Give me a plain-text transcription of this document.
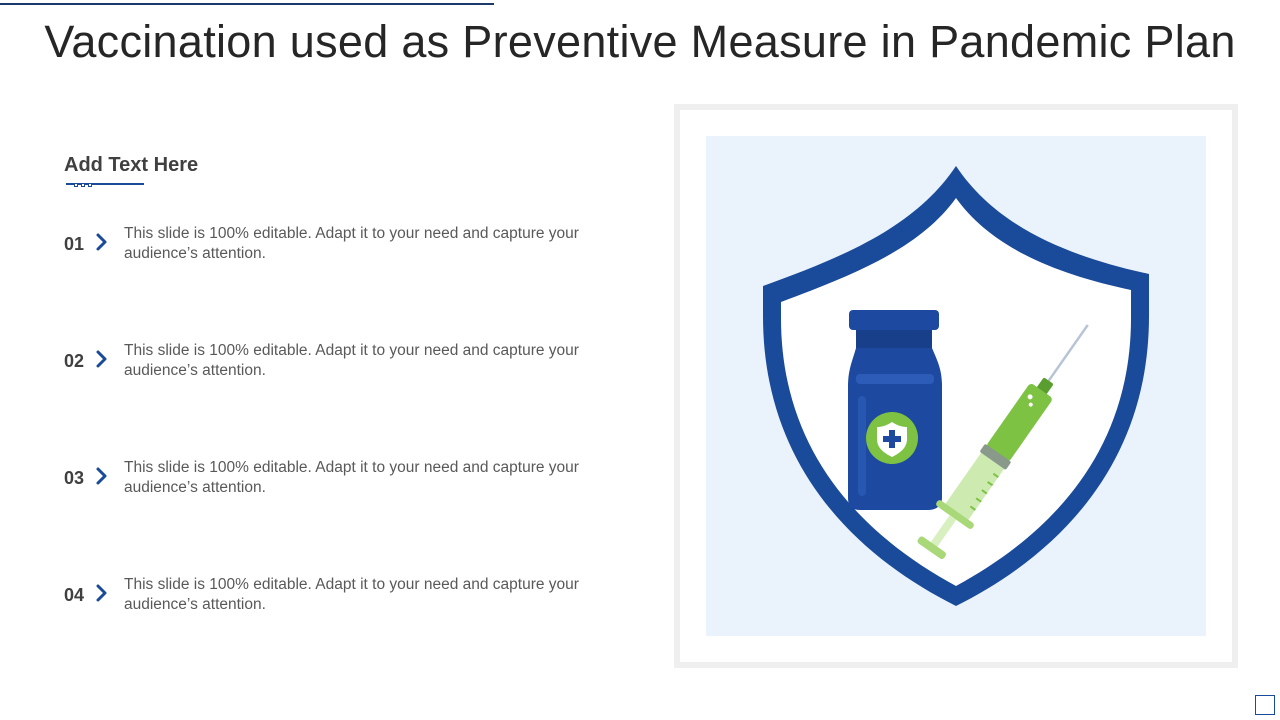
Vaccination used as Preventive Measure in Pandemic Plan
Add Text Here
01
This slide is 100% editable. Adapt it to your need and capture your audience’s attention.
02
This slide is 100% editable. Adapt it to your need and capture your audience’s attention.
03
This slide is 100% editable. Adapt it to your need and capture your audience’s attention.
04
This slide is 100% editable. Adapt it to your need and capture your audience’s attention.
